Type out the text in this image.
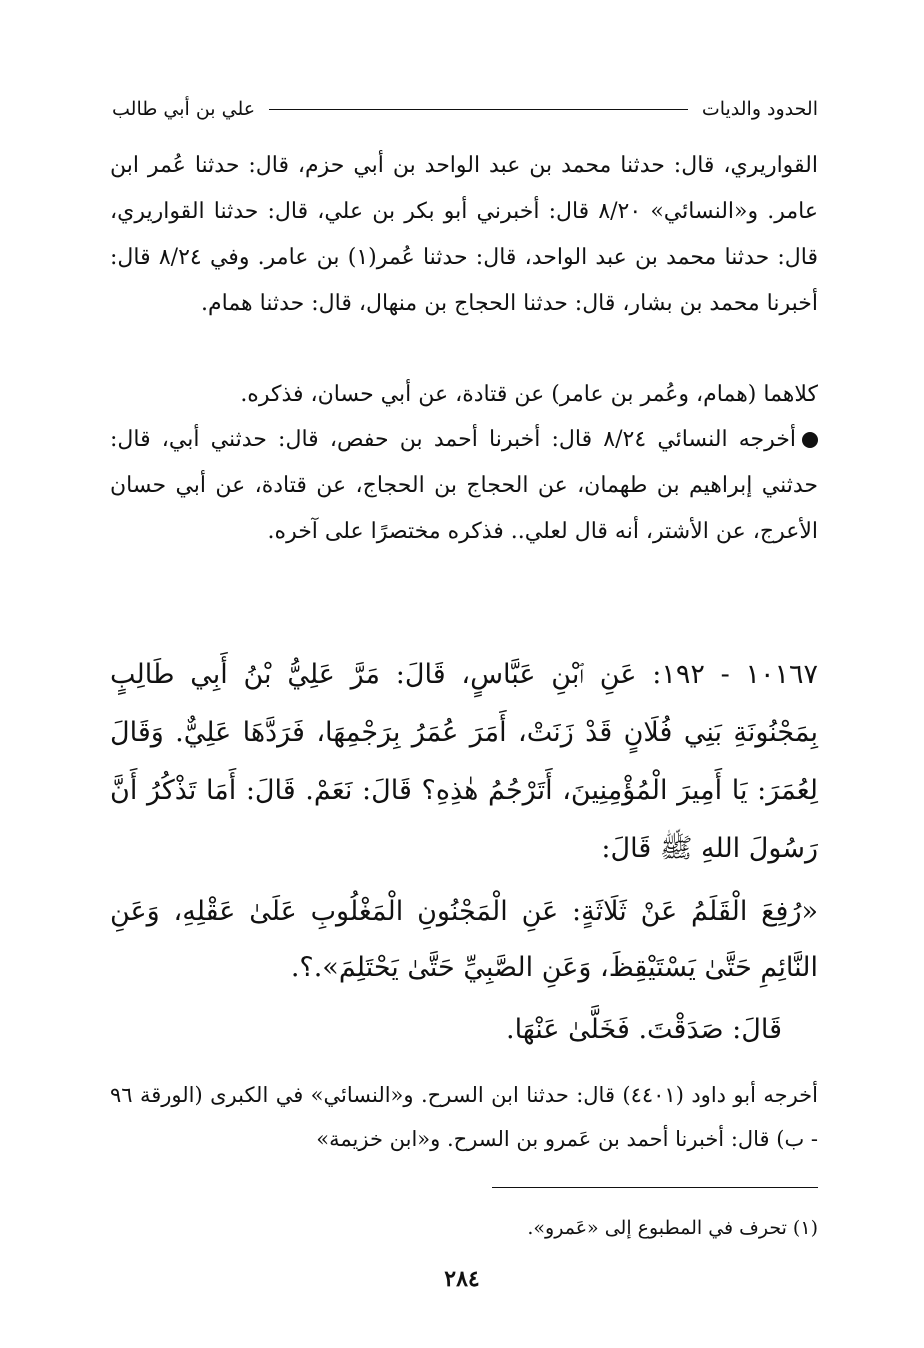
الحدود والديات
علي بن أبي طالب

القواريري، قال: حدثنا محمد بن عبد الواحد بن أبي حزم، قال: حدثنا عُمر ابن عامر. و«النسائي» ٨/٢٠ قال: أخبرني أبو بكر بن علي، قال: حدثنا القواريري، قال: حدثنا محمد بن عبد الواحد، قال: حدثنا عُمر(١) بن عامر. وفي ٨/٢٤ قال: أخبرنا محمد بن بشار، قال: حدثنا الحجاج بن منهال، قال: حدثنا همام.

كلاهما (همام، وعُمر بن عامر) عن قتادة، عن أبي حسان، فذكره.

أخرجه النسائي ٨/٢٤ قال: أخبرنا أحمد بن حفص، قال: حدثني أبي، قال: حدثني إبراهيم بن طهمان، عن الحجاج بن الحجاج، عن قتادة، عن أبي حسان الأعرج، عن الأشتر، أنه قال لعلي.. فذكره مختصرًا على آخره.

١٠١٦٧ - ١٩٢: عَنِ ٱبْنِ عَبَّاسٍ، قَالَ: مَرَّ عَلِيُّ بْنُ أَبِي طَالِبٍ بِمَجْنُونَةِ بَنِي فُلَانٍ قَدْ زَنَتْ، أَمَرَ عُمَرُ بِرَجْمِهَا، فَرَدَّهَا عَلِيٌّ. وَقَالَ لِعُمَرَ: يَا أَمِيرَ الْمُؤْمِنِينَ، أَتَرْجُمُ هٰذِهِ؟ قَالَ: نَعَمْ. قَالَ: أَمَا تَذْكُرُ أَنَّ رَسُولَ اللهِ ﷺ قَالَ:

«رُفِعَ الْقَلَمُ عَنْ ثَلَاثَةٍ: عَنِ الْمَجْنُونِ الْمَغْلُوبِ عَلَىٰ عَقْلِهِ، وَعَنِ النَّائِمِ حَتَّىٰ يَسْتَيْقِظَ، وَعَنِ الصَّبِيِّ حَتَّىٰ يَحْتَلِمَ».؟.

قَالَ: صَدَقْتَ. فَخَلَّىٰ عَنْهَا.

أخرجه أبو داود (٤٤٠١) قال: حدثنا ابن السرح. و«النسائي» في الكبرى (الورقة ٩٦ - ب) قال: أخبرنا أحمد بن عَمرو بن السرح. و«ابن خزيمة»

(١) تحرف في المطبوع إلى «عَمرو».
٢٨٤
